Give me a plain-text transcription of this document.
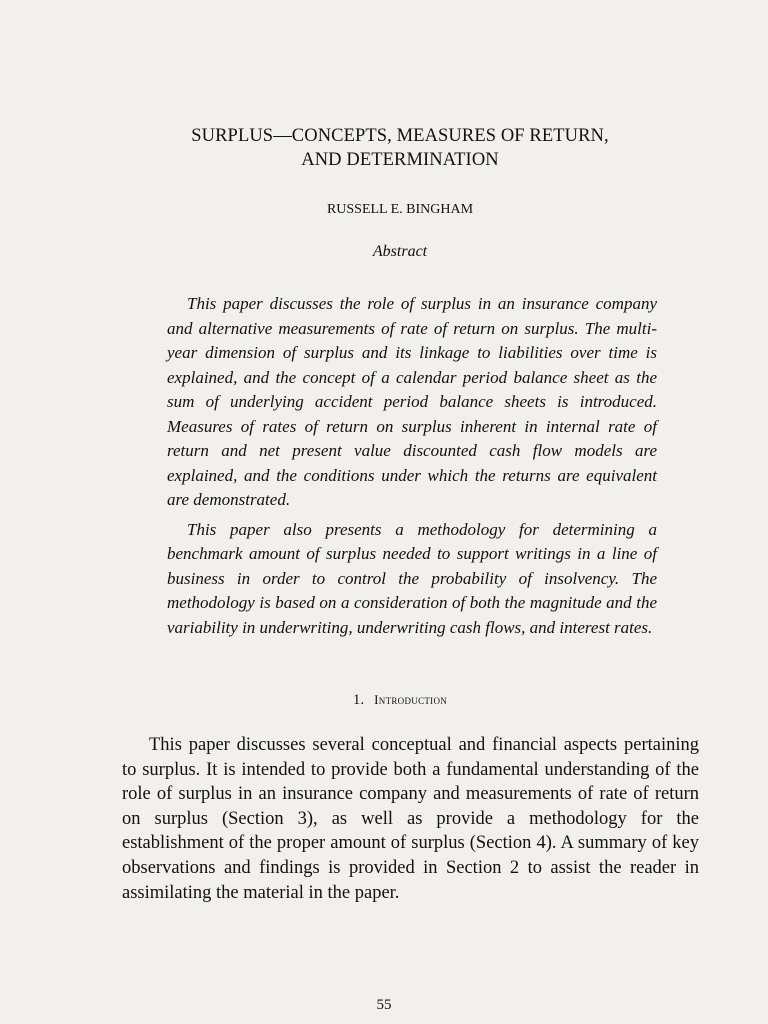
SURPLUS—CONCEPTS, MEASURES OF RETURN,
AND DETERMINATION
RUSSELL E. BINGHAM
Abstract

This paper discusses the role of surplus in an insurance company and alternative measurements of rate of return on surplus. The multi-year dimension of surplus and its linkage to liabilities over time is explained, and the concept of a calendar period balance sheet as the sum of underlying accident period balance sheets is introduced. Measures of rates of return on surplus inherent in internal rate of return and net present value discounted cash flow models are explained, and the conditions under which the returns are equivalent are demonstrated.

This paper also presents a methodology for determining a benchmark amount of surplus needed to support writings in a line of business in order to control the probability of insolvency. The methodology is based on a consideration of both the magnitude and the variability in underwriting, underwriting cash flows, and interest rates.

1. Introduction

This paper discusses several conceptual and financial aspects pertaining to surplus. It is intended to provide both a fundamental understanding of the role of surplus in an insurance company and measurements of rate of return on surplus (Section 3), as well as provide a methodology for the establishment of the proper amount of surplus (Section 4). A summary of key observations and findings is provided in Section 2 to assist the reader in assimilating the material in the paper.

55
